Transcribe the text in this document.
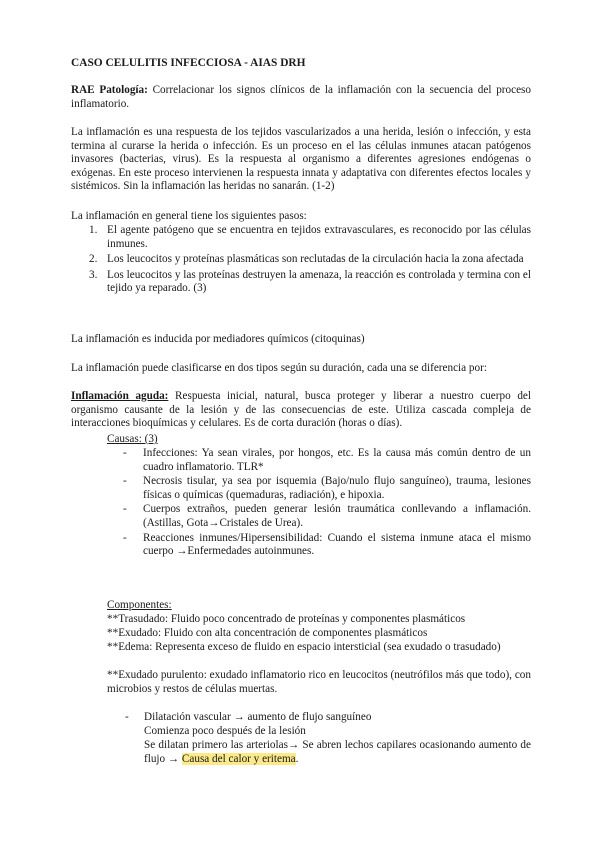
CASO CELULITIS INFECCIOSA - AIAS DRH

RAE Patología: Correlacionar los signos clínicos de la inflamación con la secuencia del proceso inflamatorio.

La inflamación es una respuesta de los tejidos vascularizados a una herida, lesión o infección, y esta termina al curarse la herida o infección. Es un proceso en el las células inmunes atacan patógenos invasores (bacterias, virus). Es la respuesta al organismo a diferentes agresiones endógenas o exógenas. En este proceso intervienen la respuesta innata y adaptativa con diferentes efectos locales y sistémicos. Sin la inflamación las heridas no sanarán. (1-2)

La inflamación en general tiene los siguientes pasos:

1. El agente patógeno que se encuentra en tejidos extravasculares, es reconocido por las células inmunes.
2. Los leucocitos y proteínas plasmáticas son reclutadas de la circulación hacia la zona afectada
3. Los leucocitos y las proteínas destruyen la amenaza, la reacción es controlada y termina con el tejido ya reparado. (3)

La inflamación es inducida por mediadores químicos (citoquinas)

La inflamación puede clasificarse en dos tipos según su duración, cada una se diferencia por:

Inflamación aguda: Respuesta inicial, natural, busca proteger y liberar a nuestro cuerpo del organismo causante de la lesión y de las consecuencias de este. Utiliza cascada compleja de interacciones bioquímicas y celulares. Es de corta duración (horas o días).

Causas: (3)
- Infecciones: Ya sean virales, por hongos, etc. Es la causa más común dentro de un cuadro inflamatorio. TLR*
- Necrosis tisular, ya sea por isquemia (Bajo/nulo flujo sanguíneo), trauma, lesiones físicas o químicas (quemaduras, radiación), e hipoxia.
- Cuerpos extraños, pueden generar lesión traumática conllevando a inflamación. (Astillas, Gota→Cristales de Urea).
- Reacciones inmunes/Hipersensibilidad: Cuando el sistema inmune ataca el mismo cuerpo →Enfermedades autoinmunes.
Componentes:

**Trasudado: Fluido poco concentrado de proteínas y componentes plasmáticos

**Exudado: Fluido con alta concentración de componentes plasmáticos

**Edema: Representa exceso de fluido en espacio intersticial (sea exudado o trasudado)

**Exudado purulento: exudado inflamatorio rico en leucocitos (neutrófilos más que todo), con microbios y restos de células muertas.

- Dilatación vascular → aumento de flujo sanguíneo
Comienza poco después de la lesión
Se dilatan primero las arteriolas→ Se abren lechos capilares ocasionando aumento de flujo → Causa del calor y eritema.
